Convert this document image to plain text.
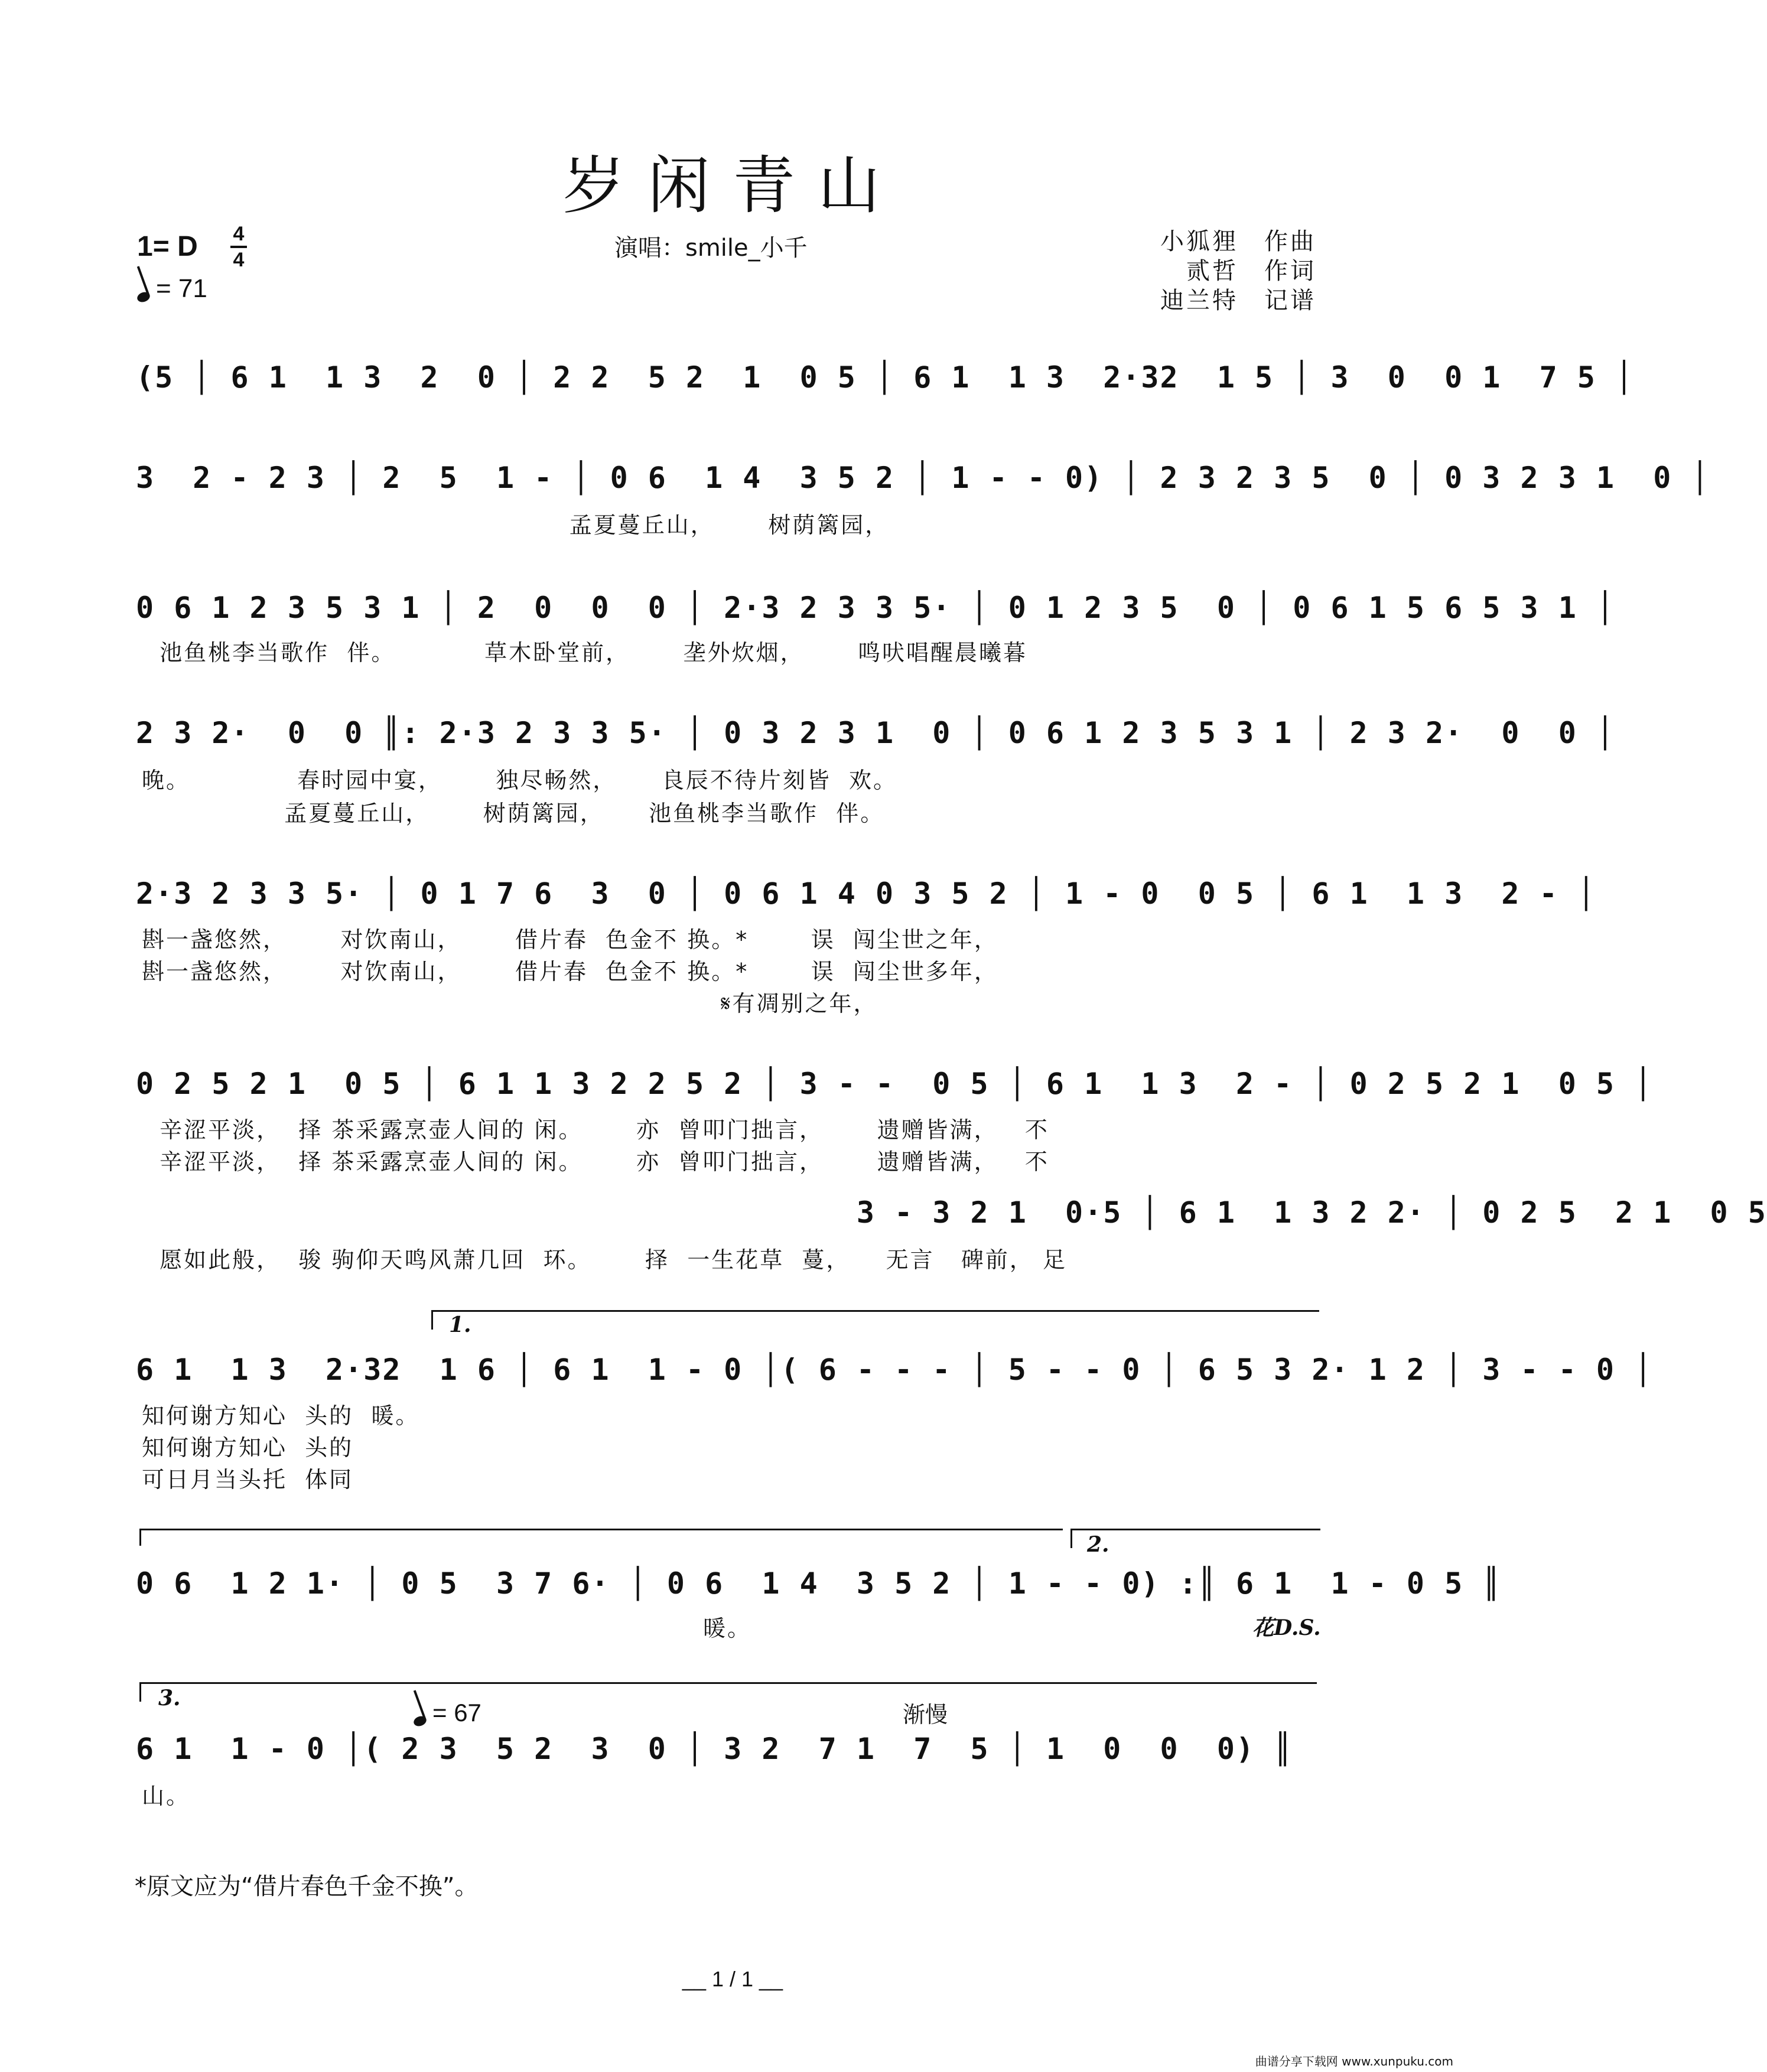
岁闲青山
1= D 4
4
= 71
演唱：smile_小千	小狐狸　作曲
贰哲　作词
迪兰特　记谱
(5 │ 6 1  1 3  2  0 │ 2 2  5 2  1  0 5 │ 6 1  1 3  2·32  1 5 │ 3  0  0 1  7 5 │
3  2 - 2 3 │ 2  5  1 - │ 0 6  1 4  3 5 2 │ 1 - - 0) │ 2 3 2 3 5  0 │ 0 3 2 3 1  0 │
孟夏蔓丘山，      树荫篱园，
0 6 1 2 3 5 3 1 │ 2  0  0  0 │ 2·3 2 3 3 5· │ 0 1 2 3 5  0 │ 0 6 1 5 6 5 3 1 │
池鱼桃李当歌作  伴。          草木卧堂前，      垄外炊烟，      鸣吠唱醒晨曦暮
2 3 2·  0  0 ║: 2·3 2 3 3 5· │ 0 3 2 3 1  0 │ 0 6 1 2 3 5 3 1 │ 2 3 2·  0  0 │
晚。            春时园中宴，      独尽畅然，     良辰不待片刻皆  欢。
孟夏蔓丘山，      树荫篱园，     池鱼桃李当歌作  伴。
2·3 2 3 3 5· │ 0 1 7 6  3  0 │ 0 6 1 4 0 3 5 2 │ 1 - 0  0 5 │ 6 1  1 3  2 - │
斟一盏悠然，      对饮南山，      借片春  色金不 换。*       误  闯尘世之年，
斟一盏悠然，      对饮南山，      借片春  色金不 换。*       误  闯尘世多年，
𝄋有凋别之年，
0 2 5 2 1  0 5 │ 6 1 1 3 2 2 5 2 │ 3 - -  0 5 │ 6 1  1 3  2 - │ 0 2 5 2 1  0 5 │
辛涩平淡，  择 茶采露烹壶人间的 闲。      亦  曾叩门拙言，      遗赠皆满，   不
辛涩平淡，  择 茶采露烹壶人间的 闲。      亦  曾叩门拙言，      遗赠皆满，   不
3 - 3 2 1  0·5 │ 6 1  1 3 2 2· │ 0 2 5  2 1  0 5
愿如此般，  骏 驹仰天鸣风萧几回  环。      择  一生花草  蔓，    无言   碑前， 足
1.
6 1  1 3  2·32  1 6 │ 6 1  1 - 0 │( 6 - - - │ 5 - - 0 │ 6 5 3 2· 1 2 │ 3 - - 0 │
知何谢方知心  头的  暖。
知何谢方知心  头的
可日月当头托  体同
2.
0 6  1 2 1· │ 0 5  3 7 6· │ 0 6  1 4  3 5 2 │ 1 - - 0) :║ 6 1  1 - 0 5 ║
暖。	花D.S.
3.
= 67	渐慢
6 1  1 - 0 │( 2 3  5 2  3  0 │ 3 2  7 1  7  5 │ 1  0  0  0) ║
山。
*原文应为“借片春色千金不换”。
__ 1 / 1 __
曲谱分享下载网 www.xunpuku.com
